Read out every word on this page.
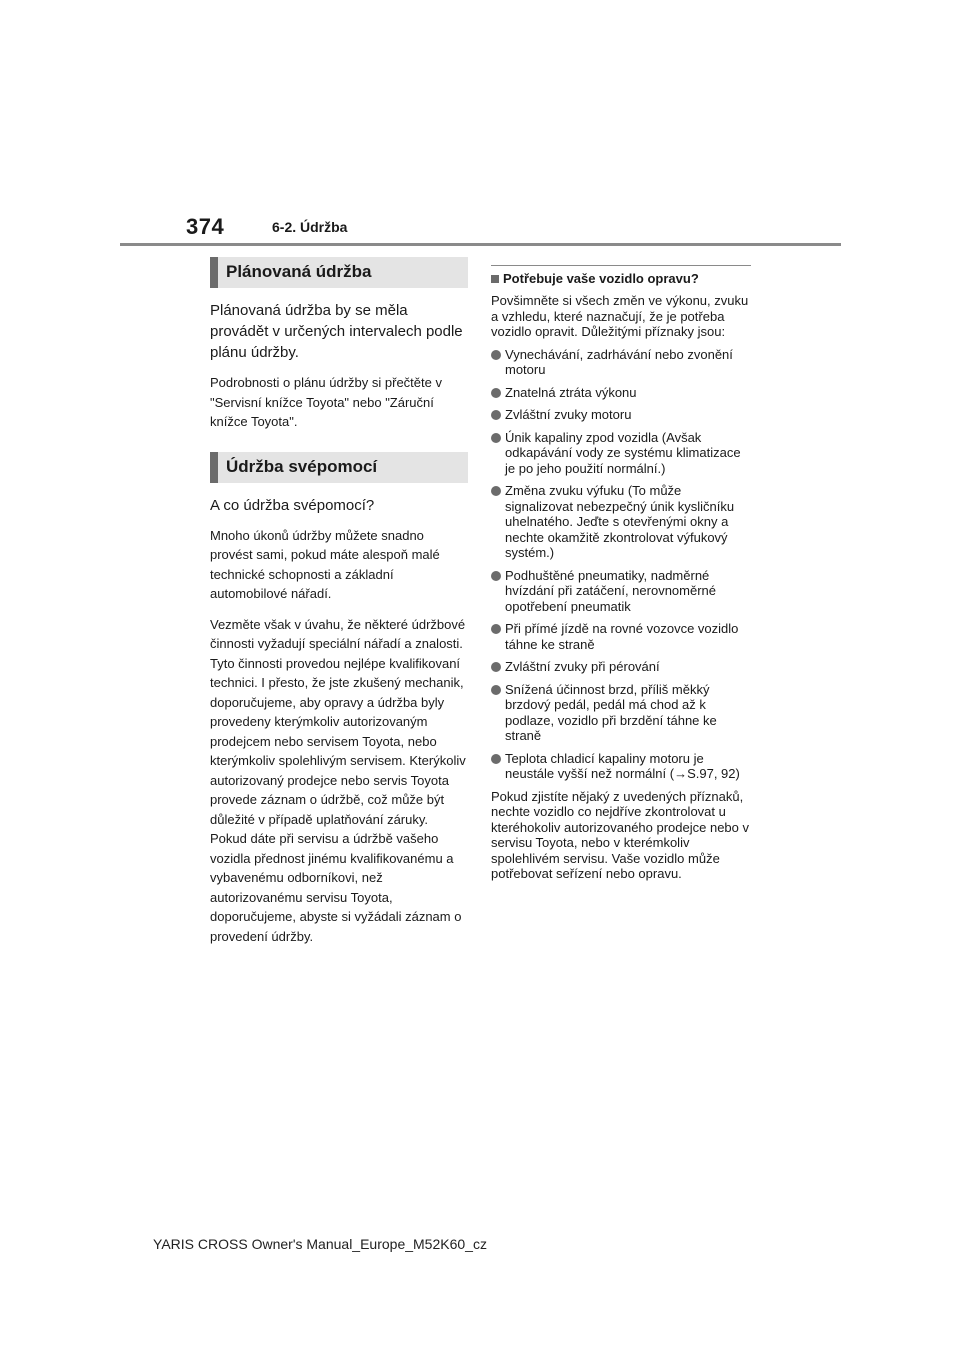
374	6-2. Údržba
Plánovaná údržba

Plánovaná údržba by se měla provádět v určených intervalech podle plánu údržby.

Podrobnosti o plánu údržby si přečtěte v "Servisní knížce Toyota" nebo "Záruční knížce Toyota".

Údržba svépomocí

A co údržba svépomocí?

Mnoho úkonů údržby můžete snadno provést sami, pokud máte alespoň malé technické schopnosti a základní automobilové nářadí.

Vezměte však v úvahu, že některé údržbové činnosti vyžadují speciální nářadí a znalosti. Tyto činnosti provedou nejlépe kvalifikovaní technici. I přesto, že jste zkušený mechanik, doporučujeme, aby opravy a údržba byly provedeny kterýmkoliv autorizovaným prodejcem nebo servisem Toyota, nebo kterýmkoliv spolehlivým servisem. Kterýkoliv autorizovaný prodejce nebo servis Toyota provede záznam o údržbě, což může být důležité v případě uplatňování záruky. Pokud dáte při servisu a údržbě vašeho vozidla přednost jinému kvalifikovanému a vybavenému odborníkovi, než autorizovanému servisu Toyota, doporučujeme, abyste si vyžádali záznam o provedení údržby.

Potřebuje vaše vozidlo opravu?

Povšimněte si všech změn ve výkonu, zvuku a vzhledu, které naznačují, že je potřeba vozidlo opravit. Důležitými příznaky jsou:

Vynechávání, zadrhávání nebo zvonění motoru
Znatelná ztráta výkonu
Zvláštní zvuky motoru
Únik kapaliny zpod vozidla (Avšak odkapávání vody ze systému klimatizace je po jeho použití normální.)
Změna zvuku výfuku (To může signalizovat nebezpečný únik kysličníku uhelnatého. Jeďte s otevřenými okny a nechte okamžitě zkontrolovat výfukový systém.)
Podhuštěné pneumatiky, nadměrné hvízdání při zatáčení, nerovnoměrné opotřebení pneumatik
Při přímé jízdě na rovné vozovce vozidlo táhne ke straně
Zvláštní zvuky při pérování
Snížená účinnost brzd, příliš měkký brzdový pedál, pedál má chod až k podlaze, vozidlo při brzdění táhne ke straně
Teplota chladicí kapaliny motoru je neustále vyšší než normální (→S.97, 92)

Pokud zjistíte nějaký z uvedených příznaků, nechte vozidlo co nejdříve zkontrolovat u kteréhokoliv autorizovaného prodejce nebo v servisu Toyota, nebo v kterémkoliv spolehlivém servisu. Vaše vozidlo může potřebovat seřízení nebo opravu.

YARIS CROSS Owner's Manual_Europe_M52K60_cz
